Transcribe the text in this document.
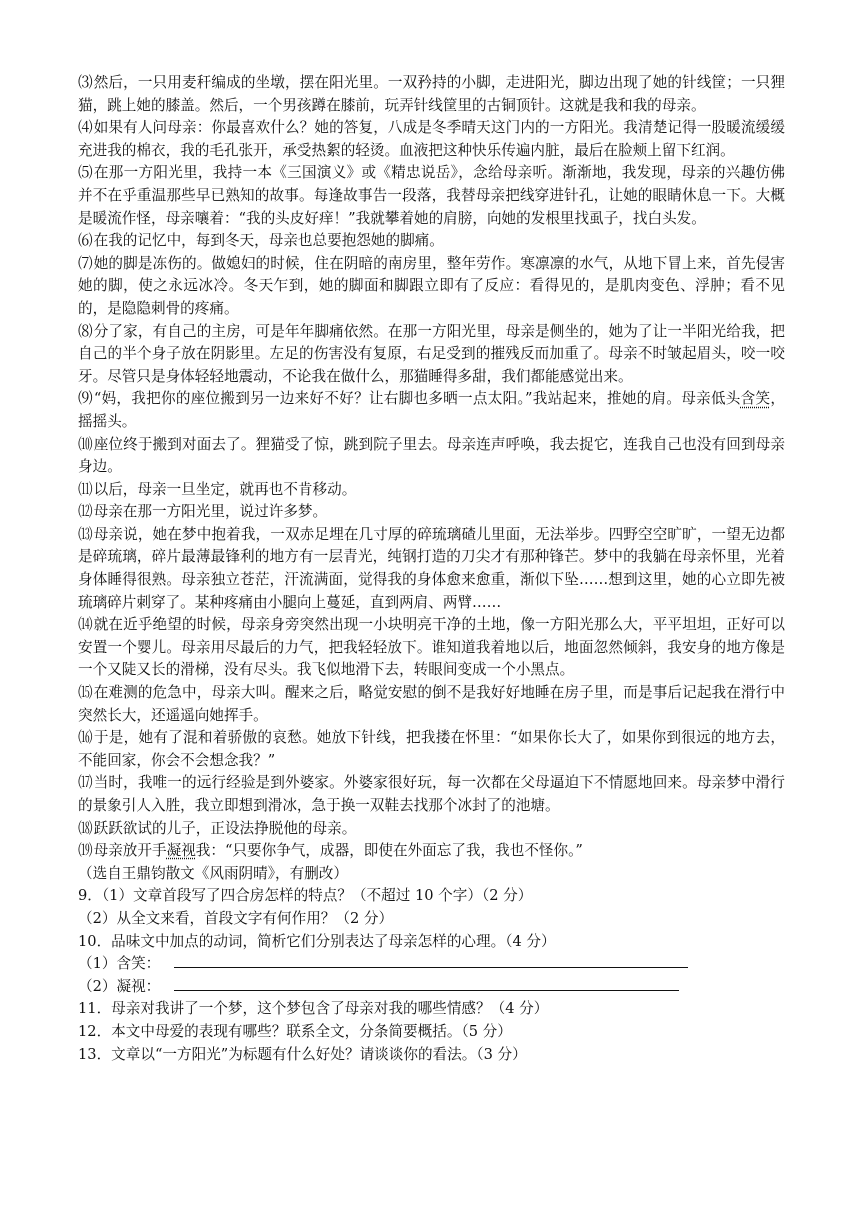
⑶然后，一只用麦秆编成的坐墩，摆在阳光里。一双矜持的小脚，走进阳光，脚边出现了她的针线筐；一只狸猫，跳上她的膝盖。然后，一个男孩蹲在膝前，玩弄针线筐里的古铜顶针。这就是我和我的母亲。

⑷如果有人问母亲：你最喜欢什么？她的答复，八成是冬季晴天这门内的一方阳光。我清楚记得一股暖流缓缓充进我的棉衣，我的毛孔张开，承受热絮的轻烫。血液把这种快乐传遍内脏，最后在脸颊上留下红润。

⑸在那一方阳光里，我持一本《三国演义》或《精忠说岳》，念给母亲听。渐渐地，我发现，母亲的兴趣仿佛并不在乎重温那些早已熟知的故事。每逢故事告一段落，我替母亲把线穿进针孔，让她的眼睛休息一下。大概是暖流作怪，母亲嚷着：“我的头皮好痒！”我就攀着她的肩膀，向她的发根里找虱子，找白头发。

⑹在我的记忆中，每到冬天，母亲也总要抱怨她的脚痛。

⑺她的脚是冻伤的。做媳妇的时候，住在阴暗的南房里，整年劳作。寒凛凛的水气，从地下冒上来，首先侵害她的脚，使之永远冰冷。冬天乍到，她的脚面和脚跟立即有了反应：看得见的，是肌肉变色、浮肿；看不见的，是隐隐刺骨的疼痛。

⑻分了家，有自己的主房，可是年年脚痛依然。在那一方阳光里，母亲是侧坐的，她为了让一半阳光给我，把自己的半个身子放在阴影里。左足的伤害没有复原，右足受到的摧残反而加重了。母亲不时皱起眉头，咬一咬牙。尽管只是身体轻轻地震动，不论我在做什么，那猫睡得多甜，我们都能感觉出来。

⑼“妈，我把你的座位搬到另一边来好不好？让右脚也多晒一点太阳。”我站起来，推她的肩。母亲低头含笑，摇摇头。

⑽座位终于搬到对面去了。狸猫受了惊，跳到院子里去。母亲连声呼唤，我去捉它，连我自己也没有回到母亲身边。

⑾以后，母亲一旦坐定，就再也不肯移动。

⑿母亲在那一方阳光里，说过许多梦。

⒀母亲说，她在梦中抱着我，一双赤足埋在几寸厚的碎琉璃碴儿里面，无法举步。四野空空旷旷，一望无边都是碎琉璃，碎片最薄最锋利的地方有一层青光，纯钢打造的刀尖才有那种锋芒。梦中的我躺在母亲怀里，光着身体睡得很熟。母亲独立苍茫，汗流满面，觉得我的身体愈来愈重，渐似下坠……想到这里，她的心立即先被琉璃碎片刺穿了。某种疼痛由小腿向上蔓延，直到两肩、两臂……

⒁就在近乎绝望的时候，母亲身旁突然出现一小块明亮干净的土地，像一方阳光那么大，平平坦坦，正好可以安置一个婴儿。母亲用尽最后的力气，把我轻轻放下。谁知道我着地以后，地面忽然倾斜，我安身的地方像是一个又陡又长的滑梯，没有尽头。我飞似地滑下去，转眼间变成一个小黑点。

⒂在难测的危急中，母亲大叫。醒来之后，略觉安慰的倒不是我好好地睡在房子里，而是事后记起我在滑行中突然长大，还遥遥向她挥手。

⒃于是，她有了混和着骄傲的哀愁。她放下针线，把我搂在怀里：“如果你长大了，如果你到很远的地方去，不能回家，你会不会想念我？”

⒄当时，我唯一的远行经验是到外婆家。外婆家很好玩，每一次都在父母逼迫下不情愿地回来。母亲梦中滑行的景象引人入胜，我立即想到滑冰，急于换一双鞋去找那个冰封了的池塘。

⒅跃跃欲试的儿子，正设法挣脱他的母亲。

⒆母亲放开手凝视我：“只要你争气，成器，即使在外面忘了我，我也不怪你。”

（选自王鼎钧散文《风雨阴晴》，有删改）

9．（1）文章首段写了四合房怎样的特点？（不超过 10 个字）（2 分）

（2）从全文来看，首段文字有何作用？（2 分）

10．品味文中加点的动词，简析它们分别表达了母亲怎样的心理。（4 分）

（1）含笑：

（2）凝视：

11．母亲对我讲了一个梦，这个梦包含了母亲对我的哪些情感？（4 分）

12．本文中母爱的表现有哪些？联系全文，分条简要概括。（5 分）

13．文章以“一方阳光”为标题有什么好处？请谈谈你的看法。（3 分）
